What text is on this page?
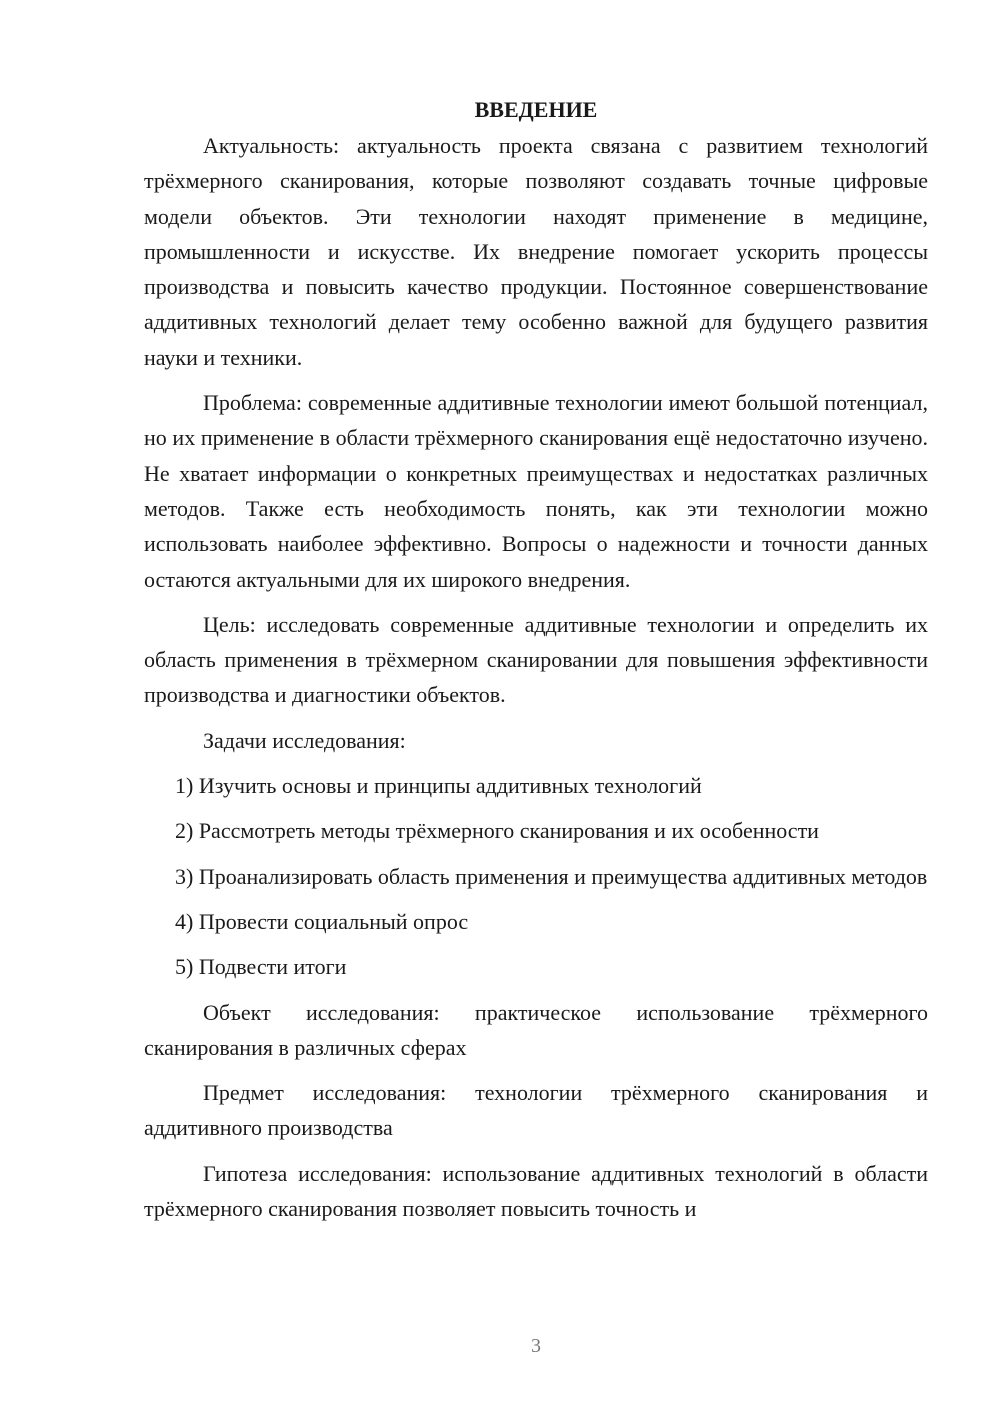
ВВЕДЕНИЕ

Актуальность: актуальность проекта связана с развитием технологий трёхмерного сканирования, которые позволяют создавать точные цифровые модели объектов. Эти технологии находят применение в медицине, промышленности и искусстве. Их внедрение помогает ускорить процессы производства и повысить качество продукции. Постоянное совершенствование аддитивных технологий делает тему особенно важной для будущего развития науки и техники.

Проблема: современные аддитивные технологии имеют большой потенциал, но их применение в области трёхмерного сканирования ещё недостаточно изучено. Не хватает информации о конкретных преимуществах и недостатках различных методов. Также есть необходимость понять, как эти технологии можно использовать наиболее эффективно. Вопросы о надежности и точности данных остаются актуальными для их широкого внедрения.

Цель: исследовать современные аддитивные технологии и определить их область применения в трёхмерном сканировании для повышения эффективности производства и диагностики объектов.

Задачи исследования:

1) Изучить основы и принципы аддитивных технологий

2) Рассмотреть методы трёхмерного сканирования и их особенности

3) Проанализировать область применения и преимущества аддитивных методов

4) Провести социальный опрос

5) Подвести итоги

Объект исследования: практическое использование трёхмерного сканирования в различных сферах

Предмет исследования: технологии трёхмерного сканирования и аддитивного производства

Гипотеза исследования: использование аддитивных технологий в области трёхмерного сканирования позволяет повысить точность и

3
